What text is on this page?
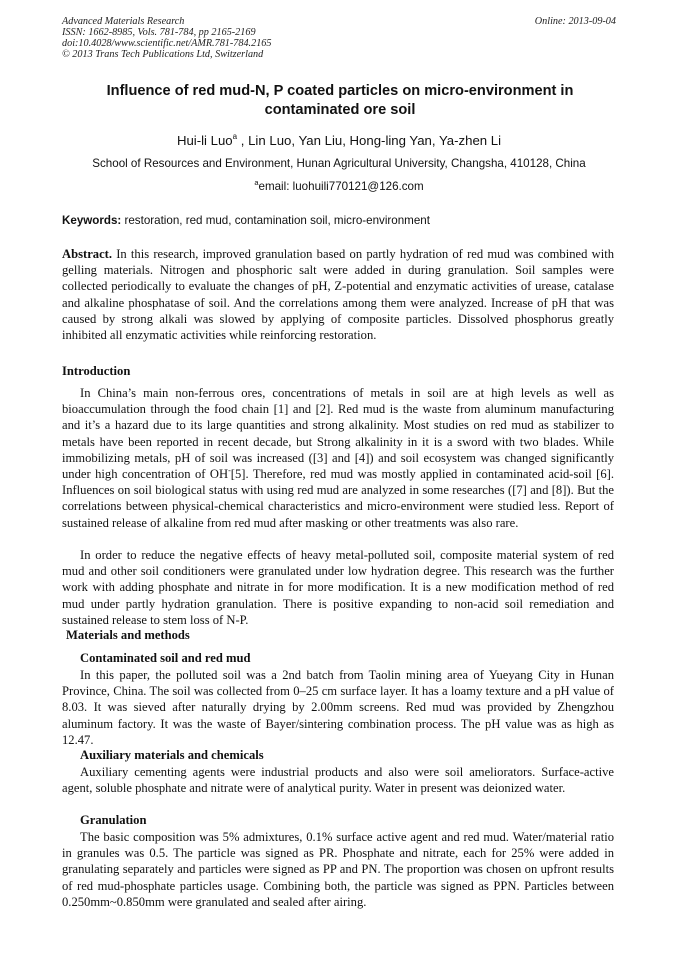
Advanced Materials Research
ISSN: 1662-8985, Vols. 781-784, pp 2165-2169
doi:10.4028/www.scientific.net/AMR.781-784.2165
© 2013 Trans Tech Publications Ltd, Switzerland
Online: 2013-09-04
Influence of red mud-N, P coated particles on micro-environment in contaminated ore soil
Hui-li Luo$^a$ , Lin Luo, Yan Liu, Hong-ling Yan, Ya-zhen Li
School of Resources and Environment, Hunan Agricultural University, Changsha, 410128, China
$^a$email: luohuili770121@126.com
Keywords: restoration, red mud, contamination soil, micro-environment
Abstract. In this research, improved granulation based on partly hydration of red mud was combined with gelling materials. Nitrogen and phosphoric salt were added in during granulation. Soil samples were collected periodically to evaluate the changes of pH, Z-potential and enzymatic activities of urease, catalase and alkaline phosphatase of soil. And the correlations among them were analyzed. Increase of pH that was caused by strong alkali was slowed by applying of composite particles. Dissolved phosphorus greatly inhibited all enzymatic activities while reinforcing restoration.
Introduction
In China’s main non-ferrous ores, concentrations of metals in soil are at high levels as well as bioaccumulation through the food chain [1] and [2]. Red mud is the waste from aluminum manufacturing and it’s a hazard due to its large quantities and strong alkalinity. Most studies on red mud as stabilizer to metals have been reported in recent decade, but Strong alkalinity in it is a sword with two blades. While immobilizing metals, pH of soil was increased ([3] and [4]) and soil ecosystem was changed significantly under high concentration of OH-[5]. Therefore, red mud was mostly applied in contaminated acid-soil [6]. Influences on soil biological status with using red mud are analyzed in some researches ([7] and [8]). But the correlations between physical-chemical characteristics and micro-environment were studied less. Report of sustained release of alkaline from red mud after masking or other treatments was also rare.
In order to reduce the negative effects of heavy metal-polluted soil, composite material system of red mud and other soil conditioners were granulated under low hydration degree. This research was the further work with adding phosphate and nitrate in for more modification. It is a new modification method of red mud under partly hydration granulation. There is positive expanding to non-acid soil remediation and sustained release to stem loss of N-P.
Materials and methods
Contaminated soil and red mud
In this paper, the polluted soil was a 2nd batch from Taolin mining area of Yueyang City in Hunan Province, China. The soil was collected from 0–25 cm surface layer. It has a loamy texture and a pH value of 8.03. It was sieved after naturally drying by 2.00mm screens. Red mud was provided by Zhengzhou aluminum factory. It was the waste of Bayer/sintering combination process. The pH value was as high as 12.47.
Auxiliary materials and chemicals
Auxiliary cementing agents were industrial products and also were soil ameliorators. Surface-active agent, soluble phosphate and nitrate were of analytical purity. Water in present was deionized water.
Granulation
The basic composition was 5% admixtures, 0.1% surface active agent and red mud. Water/material ratio in granules was 0.5. The particle was signed as PR. Phosphate and nitrate, each for 25% were added in granulating separately and particles were signed as PP and PN. The proportion was chosen on upfront results of red mud-phosphate particles usage. Combining both, the particle was signed as PPN. Particles between 0.250mm~0.850mm were granulated and sealed after airing.
